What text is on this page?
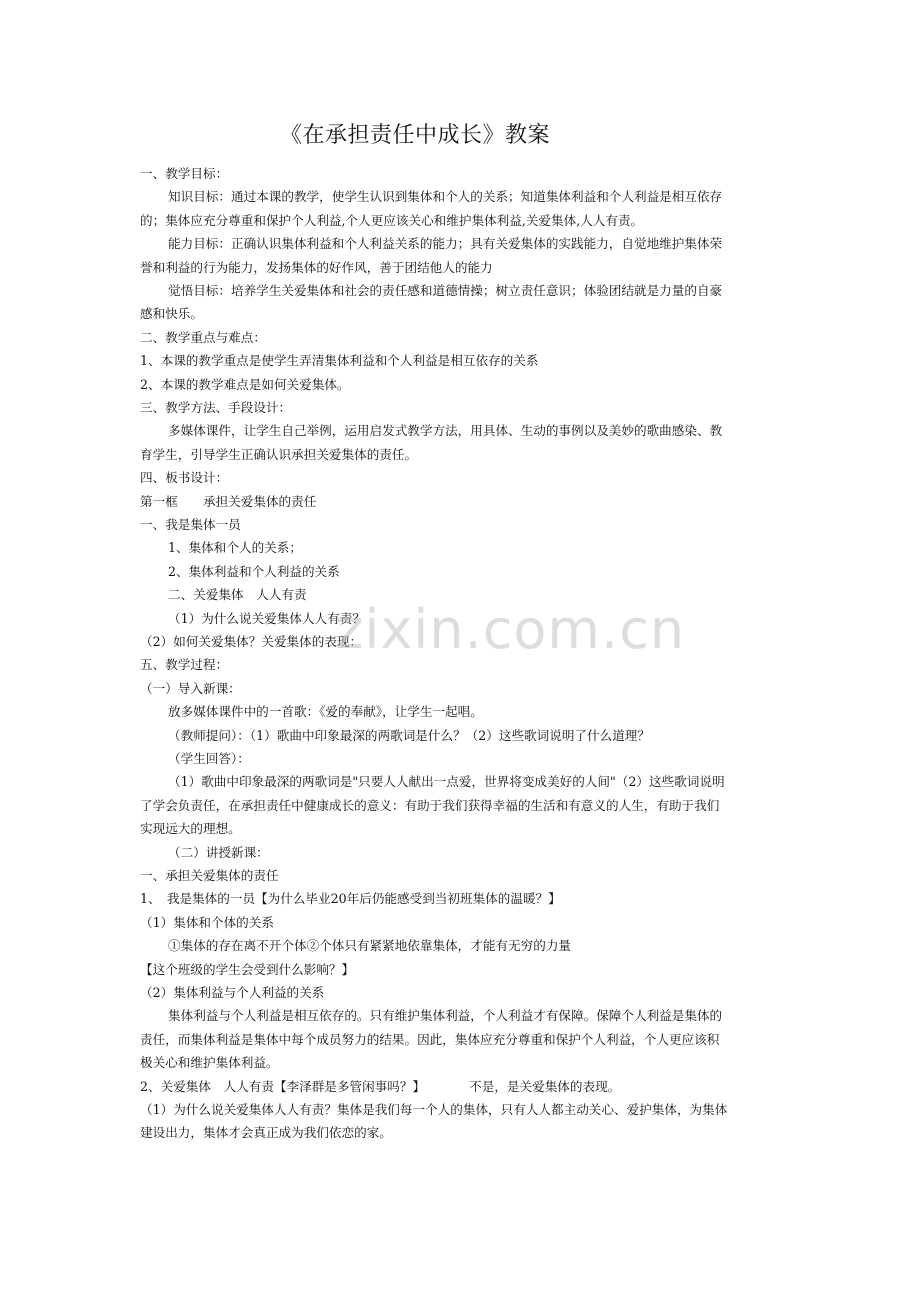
《在承担责任中成长》教案
一、教学目标：
知识目标：通过本课的教学，使学生认识到集体和个人的关系；知道集体利益和个人利益是相互依存
的；集体应充分尊重和保护个人利益,个人更应该关心和维护集体利益,关爱集体,人人有责。
能力目标：正确认识集体利益和个人利益关系的能力；具有关爱集体的实践能力，自觉地维护集体荣
誉和利益的行为能力，发扬集体的好作风，善于团结他人的能力
觉悟目标：培养学生关爱集体和社会的责任感和道德情操；树立责任意识；体验团结就是力量的自豪
感和快乐。
二、教学重点与难点：
1、本课的教学重点是使学生弄清集体利益和个人利益是相互依存的关系
2、本课的教学难点是如何关爱集体。
三、教学方法、手段设计：
多媒体课件，让学生自己举例，运用启发式教学方法，用具体、生动的事例以及美妙的歌曲感染、教
育学生，引导学生正确认识承担关爱集体的责任。
四、板书设计：
第一框　　承担关爱集体的责任
一、我是集体一员
1、集体和个人的关系；
2、集体利益和个人利益的关系
二、关爱集体　人人有责
（1）为什么说关爱集体人人有责？
（2）如何关爱集体？关爱集体的表现：
五、教学过程：
（一）导入新课：
放多媒体课件中的一首歌：《爱的奉献》，让学生一起唱。
（教师提问）：（1）歌曲中印象最深的两歌词是什么？（2）这些歌词说明了什么道理？
（学生回答）：
（1）歌曲中印象最深的两歌词是"只要人人献出一点爱，世界将变成美好的人间"（2）这些歌词说明
了学会负责任，在承担责任中健康成长的意义：有助于我们获得幸福的生活和有意义的人生，有助于我们
实现远大的理想。
（二）讲授新课：
一、承担关爱集体的责任
1、　我是集体的一员【为什么毕业20年后仍能感受到当初班集体的温暖？】
（1）集体和个体的关系
①集体的存在离不开个体②个体只有紧紧地依靠集体，才能有无穷的力量
【这个班级的学生会受到什么影响？】
（2）集体利益与个人利益的关系
集体利益与个人利益是相互依存的。只有维护集体利益，个人利益才有保障。保障个人利益是集体的
责任，而集体利益是集体中每个成员努力的结果。因此，集体应充分尊重和保护个人利益，个人更应该积
极关心和维护集体利益。
2、关爱集体　人人有责【李泽群是多管闲事吗？】　　　　不是，是关爱集体的表现。
（1）为什么说关爱集体人人有责？集体是我们每一个人的集体，只有人人都主动关心、爱护集体，为集体
建设出力，集体才会真正成为我们依恋的家。
zixin.com.cn
